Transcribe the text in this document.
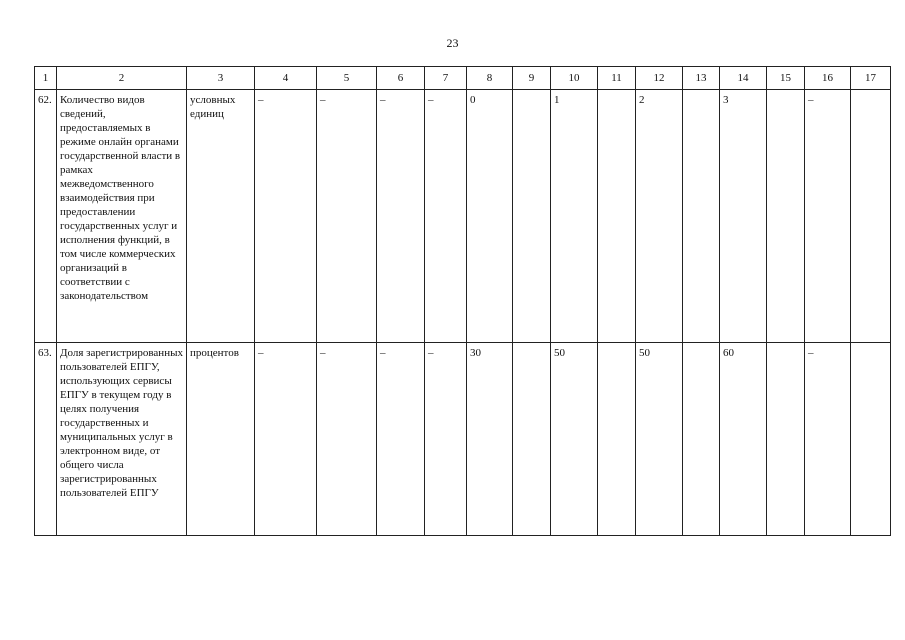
23
1	2	3	4	5	6	7	8	9	10	11	12	13	14	15	16	17
62.	Количество видов сведений, предоставляемых в режиме онлайн органами государственной власти в рамках межведомственного взаимодействия при предоставлении государственных услуг и исполнения функций, в том числе коммерческих организаций в соответствии с законодательством	условных единиц	–	–	–	–	0		1		2		3		–	
63.	Доля зарегистрированных пользователей ЕПГУ, использующих сервисы ЕПГУ в текущем году в целях получения государственных и муниципальных услуг в электронном виде, от общего числа зарегистрированных пользователей ЕПГУ	процентов	–	–	–	–	30		50		50		60		–	
